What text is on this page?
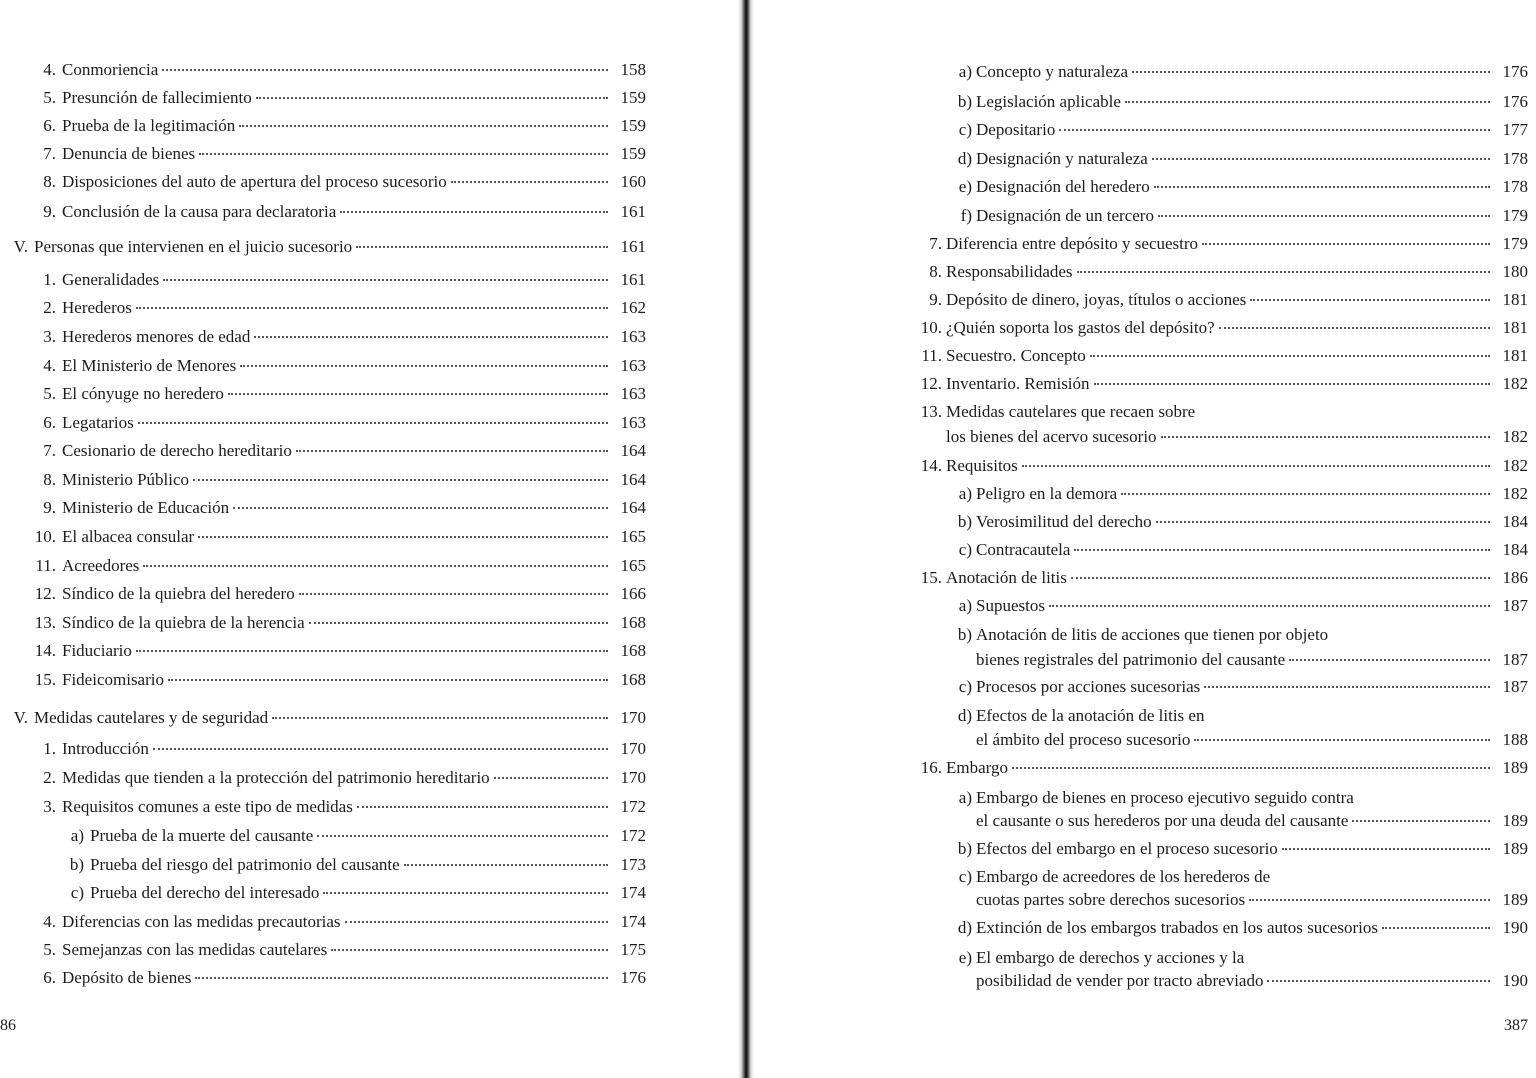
4. Conmoriencia	158
5. Presunción de fallecimiento	159
6. Prueba de la legitimación	159
7. Denuncia de bienes	159
8. Disposiciones del auto de apertura del proceso sucesorio	160
9. Conclusión de la causa para declaratoria	161
V. Personas que intervienen en el juicio sucesorio	161
1. Generalidades	161
2. Herederos	162
3. Herederos menores de edad	163
4. El Ministerio de Menores	163
5. El cónyuge no heredero	163
6. Legatarios	163
7. Cesionario de derecho hereditario	164
8. Ministerio Público	164
9. Ministerio de Educación	164
10. El albacea consular	165
11. Acreedores	165
12. Síndico de la quiebra del heredero	166
13. Síndico de la quiebra de la herencia	168
14. Fiduciario	168
15. Fideicomisario	168
V. Medidas cautelares y de seguridad	170
1. Introducción	170
2. Medidas que tienden a la protección del patrimonio hereditario	170
3. Requisitos comunes a este tipo de medidas	172
a) Prueba de la muerte del causante	172
b) Prueba del riesgo del patrimonio del causante	173
c) Prueba del derecho del interesado	174
4. Diferencias con las medidas precautorias	174
5. Semejanzas con las medidas cautelares	175
6. Depósito de bienes	176
86
a) Concepto y naturaleza	176
b) Legislación aplicable	176
c) Depositario	177
d) Designación y naturaleza	178
e) Designación del heredero	178
f) Designación de un tercero	179
7. Diferencia entre depósito y secuestro	179
8. Responsabilidades	180
9. Depósito de dinero, joyas, títulos o acciones	181
10. ¿Quién soporta los gastos del depósito?	181
11. Secuestro. Concepto	181
12. Inventario. Remisión	182
13. Medidas cautelares que recaen sobre
los bienes del acervo sucesorio	182
14. Requisitos	182
a) Peligro en la demora	182
b) Verosimilitud del derecho	184
c) Contracautela	184
15. Anotación de litis	186
a) Supuestos	187
b) Anotación de litis de acciones que tienen por objeto
bienes registrales del patrimonio del causante	187
c) Procesos por acciones sucesorias	187
d) Efectos de la anotación de litis en
el ámbito del proceso sucesorio	188
16. Embargo	189
a) Embargo de bienes en proceso ejecutivo seguido contra
el causante o sus herederos por una deuda del causante	189
b) Efectos del embargo en el proceso sucesorio	189
c) Embargo de acreedores de los herederos de
cuotas partes sobre derechos sucesorios	189
d) Extinción de los embargos trabados en los autos sucesorios	190
e) El embargo de derechos y acciones y la
posibilidad de vender por tracto abreviado	190
387
